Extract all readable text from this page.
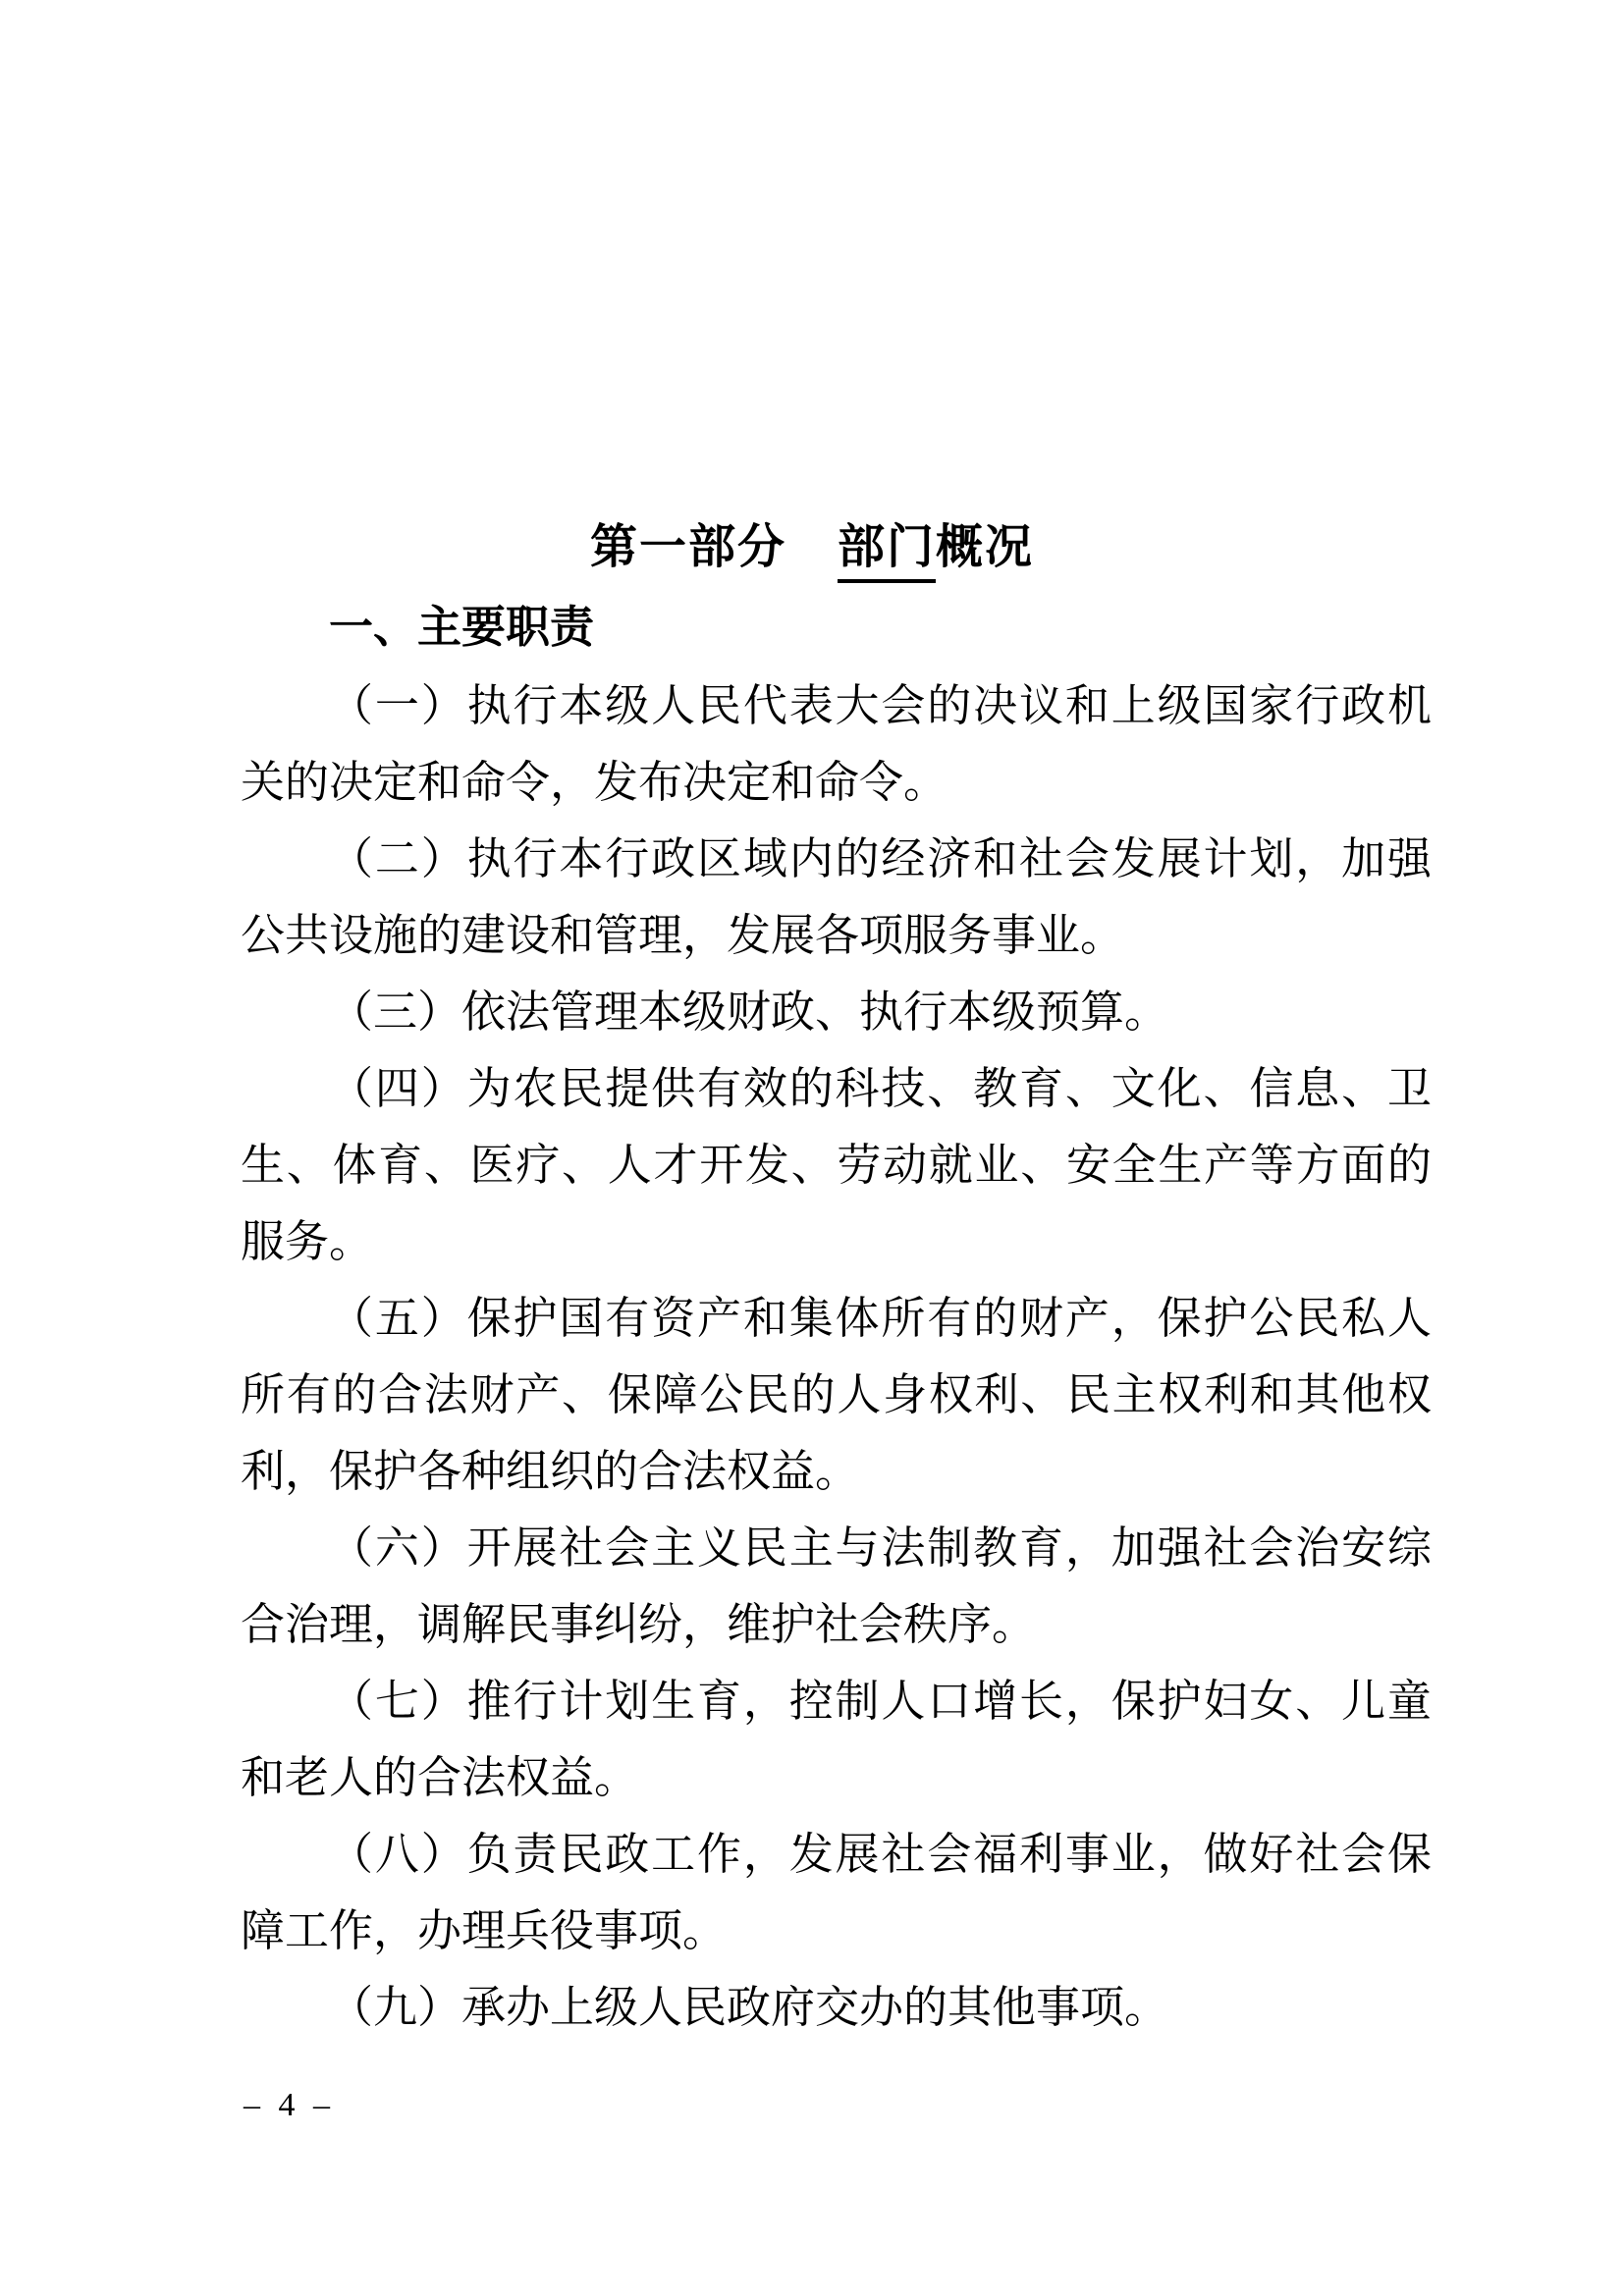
第一部分 部门概况
一、主要职责

（一）执行本级人民代表大会的决议和上级国家行政机关的决定和命令，发布决定和命令。

（二）执行本行政区域内的经济和社会发展计划，加强公共设施的建设和管理，发展各项服务事业。

（三）依法管理本级财政、执行本级预算。

（四）为农民提供有效的科技、教育、文化、信息、卫生、体育、医疗、人才开发、劳动就业、安全生产等方面的服务。

（五）保护国有资产和集体所有的财产，保护公民私人所有的合法财产、保障公民的人身权利、民主权利和其他权利，保护各种组织的合法权益。

（六）开展社会主义民主与法制教育，加强社会治安综合治理，调解民事纠纷，维护社会秩序。

（七）推行计划生育，控制人口增长，保护妇女、儿童和老人的合法权益。

（八）负责民政工作，发展社会福利事业，做好社会保障工作，办理兵役事项。

（九）承办上级人民政府交办的其他事项。

– 4 –
